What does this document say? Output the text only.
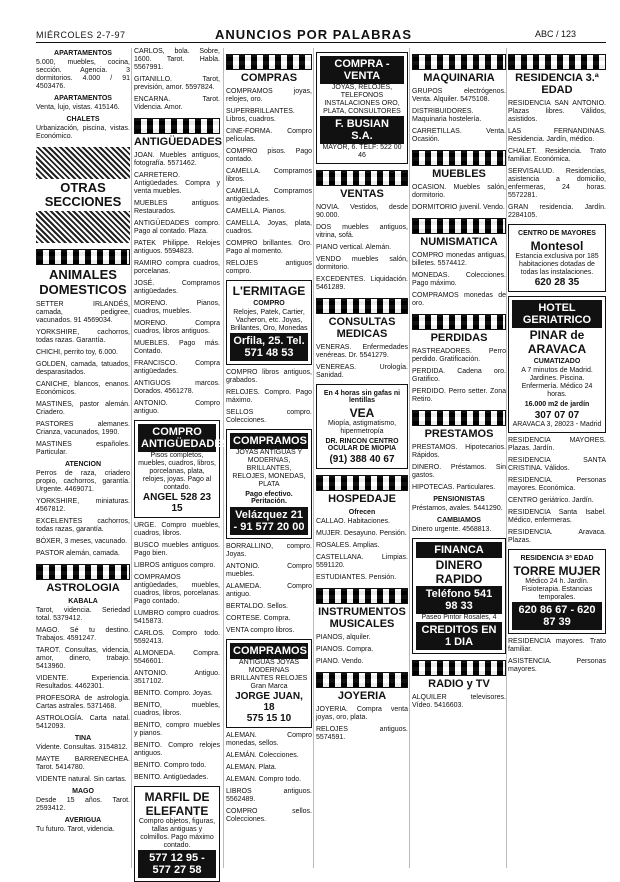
MIÉRCOLES 2-7-97	ANUNCIOS POR PALABRAS	ABC / 123
APARTAMENTOS

5.000, muebles, cocina, sección. Agencia. 3 dormitorios. 4.000 / 91 4503476.

APARTAMENTOS

Venta, lujo, vistas. 415146.

CHALETS

Urbanización, piscina, vistas. Económico.

OTRAS SECCIONES
ANIMALES DOMESTICOS

SETTER IRLANDÉS, camada, pedigree, vacunados. 91 4569034.

YORKSHIRE, cachorros, todas razas. Garantía.

CHICHI, perrito toy, 6.000.

GOLDEN, camada, tatuados, desparasitados.

CANICHE, blancos, enanos. Económicos.

MASTINES, pastor alemán. Criadero.

PASTORES alemanes. Crianza, vacunados, 1990.

MASTINES españoles. Particular.

ATENCION

Perros de raza, criadero propio, cachorros, garantía. Urgente. 4469071.

YORKSHIRE, miniaturas. 4567812.

EXCELENTES cachorros, todas razas, garantía.

BÓXER, 3 meses, vacunado.

PASTOR alemán, camada.

ASTROLOGIA
KABALA

Tarot, videncia. Seriedad total. 5379412.

MAGO. Sé tu destino. Trabajos. 4591247.

TAROT. Consultas, videncia, amor, dinero, trabajo. 5413960.

VIDENTE. Experiencia. Resultados. 4462301.

PROFESORA de astrología. Cartas astrales. 5371468.

ASTROLOGÍA. Carta natal. 5412093.

TINA

Vidente. Consultas. 3154812.

MAYTE BARRENECHEA. Tarot. 5414780.

VIDENTE natural. Sin cartas.

MAGO

Desde 15 años. Tarot. 2593412.

AVERIGUA

Tu futuro. Tarot, videncia.

CARLOS, bola. Sobre, 1600. Tarot. Habla. 5567991.

GITANILLO. Tarot, previsión, amor. 5597824.

ENCARNA. Tarot. Videncia. Amor.

ANTIGÜEDADES

JOAN. Muebles antiguos, fotografía. 5571462.

CARRETERO. Antigüedades. Compra y venta muebles.

MUEBLES antiguos. Restaurados.

ANTIGÜEDADES compro. Pago al contado. Plaza.

PATEK Philippe. Relojes antiguos. 5594823.

RAMIRO compra cuadros, porcelanas.

JOSÉ. Compramos antigüedades.

MORENO. Pianos, cuadros, muebles.

MORENO. Compra cuadros, libros antiguos.

MUEBLES. Pago más. Contado.

FRANCISCO. Compra antigüedades.

ANTIGUOS marcos. Dorados. 4561278.

ANTONIO. Compro antiguo.

COMPRO ANTIGÜEDADES
Pisos completos, muebles, cuadros, libros, porcelanas, plata, relojes, joyas. Pago al contado.
ANGEL 528 23 15

URGE. Compro muebles, cuadros, libros.

BUSCO muebles antiguos. Pago bien.

LIBROS antiguos compro.

COMPRAMOS antigüedades, muebles, cuadros, libros, porcelanas. Pago contado.

LUMBRO compro cuadros. 5415873.

CARLOS. Compro todo. 5592413.

ALMONEDA. Compra. 5546601.

ANTONIO. Antiguo. 3517102.

BENITO. Compro. Joyas.

BENITO, muebles, cuadros, libros.

BENITO, compro muebles y pianos.

BENITO. Compro relojes antiguos.

BENITO. Compro todo.

BENITO. Antigüedades.

MARFIL DE ELEFANTE
Compro objetos, figuras, tallas antiguas y colmillos. Pago máximo contado.
577 12 95 - 577 27 58
COMPRAS

COMPRAMOS joyas, relojes, oro.

SUPERBRILLANTES. Libros, cuadros.

CINE-FORMA. Compro películas.

COMPRO pisos. Pago contado.

CAMELLA. Compramos libros.

CAMELLA. Compramos antigüedades.

CAMELLA. Pianos.

CAMELLA. Joyas, plata, cuadros.

COMPRO brillantes. Oro. Pago al momento.

RELOJES antiguos compro.

L'ERMITAGE
COMPRO
Relojes, Patek, Cartier, Vacheron, etc. Joyas, Brillantes, Oro, Monedas
Orfila, 25. Tel. 571 48 53

COMPRO libros antiguos, grabados.

RELOJES. Compro. Pago máximo.

SELLOS compro. Colecciones.

COMPRAMOS
JOYAS ANTIGUAS Y MODERNAS, BRILLANTES, RELOJES, MONEDAS, PLATA
Pago efectivo. Peritación.
Velázquez 21 - 91 577 20 00

BORRALLINO, compro. Joyas.

ANTONIO. Compro muebles.

ALAMEDA. Compro antiguo.

BERTALDO. Sellos.

CORTESE. Compra.

VENTA compro libros.

COMPRAMOS
ANTIGUAS JOYAS MODERNAS BRILLANTES RELOJES Gran Marca
JORGE JUAN, 18
575 15 10

ALEMAN. Compro monedas, sellos.

ALEMÁN. Colecciones.

ALEMAN. Plata.

ALEMAN. Compro todo.

LIBROS antiguos. 5562489.

COMPRO sellos. Colecciones.

COMPRA - VENTA
JOYAS, RELOJES, TELEFONOS INSTALACIONES ORO, PLATA, CONSULTORES
F. BUSIAN S.A.
MAYOR, 6. TELF: 522 00 46
VENTAS

NOVIA. Vestidos, desde 90.000.

DOS muebles antiguos, vitrina, sofá.

PIANO vertical. Alemán.

VENDO muebles salón, dormitorio.

EXCEDENTES. Liquidación. 5461289.

CONSULTAS MEDICAS

VENERAS. Enfermedades venéreas. Dr. 5541279.

VENEREAS. Urología. Sanidad.

En 4 horas sin gafas ni lentillas
VEA
Miopía, astigmatismo, hipermetropía
DR. RINCON CENTRO OCULAR DE MIOPIA
(91) 388 40 67
HOSPEDAJE
Ofrecen

CALLAO. Habitaciones.

MUJER. Desayuno. Pensión.

ROSALES. Amplias.

CASTELLANA. Limpias. 5591120.

ESTUDIANTES. Pensión.

INSTRUMENTOS MUSICALES

PIANOS, alquiler.

PIANOS. Compra.

PIANO. Vendo.

JOYERIA

JOYERIA. Compra venta joyas, oro, plata.

RELOJES antiguos. 5574591.

MAQUINARIA

GRUPOS electrógenos. Venta. Alquiler. 5475108.

DISTRIBUIDORES. Maquinaria hostelería.

CARRETILLAS. Venta. Ocasión.

MUEBLES

OCASION. Muebles salón, dormitorio.

DORMITORIO juvenil. Vendo.

NUMISMATICA

COMPRO monedas antiguas, billetes. 5574412.

MONEDAS. Colecciones. Pago máximo.

COMPRAMOS monedas de oro.

PERDIDAS

RASTREADORES. Perro perdido. Gratificación.

PERDIDA. Cadena oro. Gratifico.

PERDIDO. Perro setter. Zona Retiro.

PRESTAMOS

PRESTAMOS. Hipotecarios. Rápidos.

DINERO. Préstamos. Sin gastos.

HIPOTECAS. Particulares.

PENSIONISTAS

Préstamos, avales. 5441290.

CAMBIAMOS

Dinero urgente. 4568813.

FINANCA
DINERO RAPIDO
Teléfono 541 98 33
Paseo Pintor Rosales, 4
CREDITOS EN 1 DIA
RADIO y TV

ALQUILER televisores. Vídeo. 5416603.

RESIDENCIA 3.ª EDAD

RESIDENCIA SAN ANTONIO. Plazas libres. Válidos, asistidos.

LAS FERNANDINAS. Residencia. Jardín, médico.

CHALET. Residencia. Trato familiar. Económica.

SERVISALUD. Residencias, asistencia a domicilio, enfermeras, 24 horas. 5572281.

GRAN residencia. Jardín. 2284105.

CENTRO DE MAYORES
Montesol
Estancia exclusiva por 185 habitaciones dotadas de todas las instalaciones.
620 28 35
HOTEL GERIATRICO
PINAR de ARAVACA
CUMATIZADO
A 7 minutos de Madrid. Jardines. Piscina. Enfermería. Médico 24 horas.
16.000 m2 de jardín
307 07 07
ARAVACA 3, 28023 - Madrid

RESIDENCIA MAYORES. Plazas. Jardín.

RESIDENCIA SANTA CRISTINA. Válidos.

RESIDENCIA. Personas mayores. Económica.

CENTRO geriátrico. Jardín.

RESIDENCIA Santa Isabel. Médico, enfermeras.

RESIDENCIA. Aravaca. Plazas.

RESIDENCIA 3ª EDAD
TORRE MUJER
Médico 24 h. Jardín. Fisioterapia. Estancias temporales.
620 86 67 - 620 87 39

RESIDENCIA mayores. Trato familiar.

ASISTENCIA. Personas mayores.
